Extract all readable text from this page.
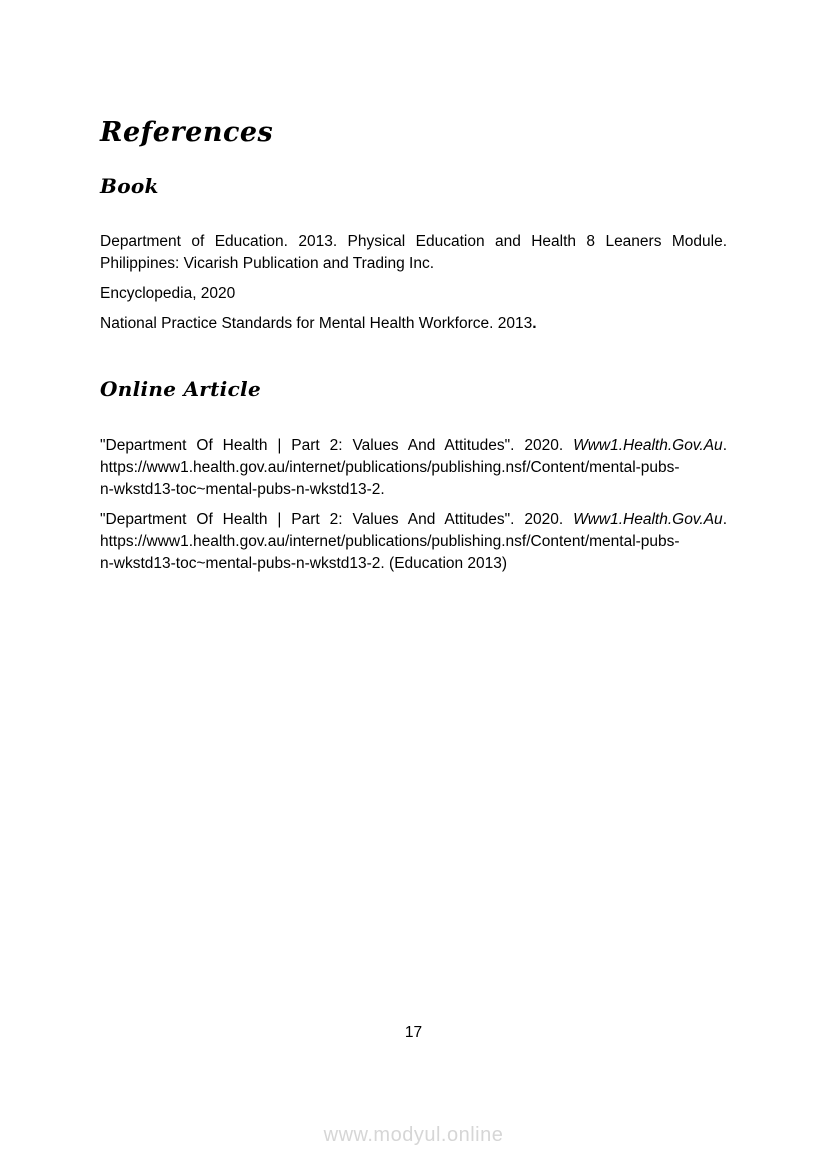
References
Book
Department of Education. 2013. Physical Education and Health 8 Leaners Module.
Philippines: Vicarish Publication and Trading Inc.
Encyclopedia, 2020
National Practice Standards for Mental Health Workforce. 2013.
Online Article
"Department Of Health | Part 2: Values And Attitudes". 2020. Www1.Health.Gov.Au.
https://www1.health.gov.au/internet/publications/publishing.nsf/Content/mental-pubs-
n-wkstd13-toc~mental-pubs-n-wkstd13-2.
"Department Of Health | Part 2: Values And Attitudes". 2020. Www1.Health.Gov.Au.
https://www1.health.gov.au/internet/publications/publishing.nsf/Content/mental-pubs-
n-wkstd13-toc~mental-pubs-n-wkstd13-2. (Education 2013)
17
www.modyul.online
